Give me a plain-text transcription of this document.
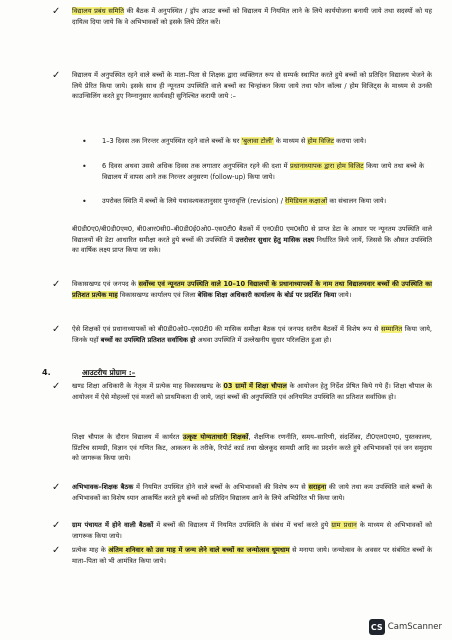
4.	आउटरीच प्रोग्राम :–
CS CamScanner
✓ विद्यालय प्रबंध समिति की बैठक में अनुपस्थित / ड्रॉप आउट बच्चों को विद्यालय में नियमित लाने के लिये कार्ययोजना बनायी जाये तथा सदस्यों को यह दायित्व दिया जाये कि वे अभिभावकों को इसके लिये प्रेरित करें।
✓ विद्यालय में अनुपस्थित रहने वाले बच्चों के माता–पिता से शिक्षक द्वारा व्यक्तिगत रूप से सम्पर्क स्थापित करते हुये बच्चों को प्रतिदिन विद्यालय भेजने के लिये प्रेरित किया जाये। इसके साथ ही न्यूनतम उपस्थिति वाले बच्चों का चिन्हांकन किया जाये तथा फोन कॉल्स / होम विजिट्स के माध्यम से उनकी काउन्सिलिंग करते हुए निम्नानुसार कार्यवाही सुनिश्चित करायी जाये :–
• 1–3 दिवस तक निरन्तर अनुपस्थित रहने वाले बच्चों के घर 'बुलावा टोली' के माध्यम से होम विजिट कराया जाये।
• 6 दिवस अथवा उससे अधिक दिवस तक लगातार अनुपस्थित रहने की दशा में प्रधानाध्यापक द्वारा होम विजिट किया जाये तथा बच्चे के विद्यालय में वापस आने तक निरन्तर अनुसरण (follow-up) किया जाये।
• उपरोक्त स्थिति में बच्चों के लिये यथावश्यकतानुसार पुनरावृत्ति (revision) / रेमिडियल कक्षाओं का संचालन किया जाये।
बी0डी0ए0/बी0डी0एम0, बी0आर0सी0–बी0डी0ई0ओ0–एस0टी0 बैठकों में एन0डी0 एम0सी0 से प्राप्त डेटा के आधार पर न्यूनतम उपस्थिति वाले विद्यालयों की डेटा आधारित समीक्षा करते हुये बच्चों की उपस्थिति में उत्तरोत्तर सुधार हेतु मासिक लक्ष्य निर्धारित किये जायें, जिससे कि औसत उपस्थिति का वार्षिक लक्ष्य प्राप्त किया जा सके।
✓ विकासखण्ड एवं जनपद के सर्वोच्च एवं न्यूनतम उपस्थिति वाले 10–10 विद्यालयों के प्रधानाध्यापकों के नाम तथा विद्यालयवार बच्चों की उपस्थिति का प्रतिशत प्रत्येक माह विकासखण्ड कार्यालय एवं जिला बेसिक शिक्षा अधिकारी कार्यालय के बोर्ड पर प्रदर्शित किया जाये।
✓ ऐसे शिक्षकों एवं प्रधानाध्यापकों को बी0डी0ओ0–एस0टी0 की मासिक समीक्षा बैठक एवं जनपद स्तरीय बैठकों में विशेष रूप से सम्मानित किया जाये, जिनके यहाँ बच्चों का उपस्थिति प्रतिशत सर्वाधिक हो अथवा उपस्थिति में उल्लेखनीय सुधार परिलक्षित हुआ हो।
✓ खण्ड शिक्षा अधिकारी के नेतृत्व में प्रत्येक माह विकासखण्ड के 03 ग्रामों में शिक्षा चौपाल के आयोजन हेतु निर्देश प्रेषित किये गये हैं। शिक्षा चौपाल के आयोजन में ऐसे मोहल्लों एवं मजरों को प्राथमिकता दी जाये, जहां बच्चों की अनुपस्थिति एवं अनियमित उपस्थिति का प्रतिशत सर्वाधिक हो।
शिक्षा चौपाल के दौरान विद्यालय में कार्यरत उत्कृष्ट योग्यताधारी शिक्षकों, शैक्षणिक रणनीति, समय–सारिणी, संदर्शिका, टी0एल0एम0, पुस्तकालय, प्रिंटरिच सामग्री, विज्ञान एवं गणित किट, आकलन के तरीके, रिपोर्ट कार्ड तथा खेलकूद सामग्री आदि का प्रदर्शन करते हुये अभिभावकों एवं जन समुदाय को जागरूक किया जाये।
✓ अभिभावक–शिक्षक बैठक में नियमित उपस्थित होने वाले बच्चों के अभिभावकों की विशेष रूप से सराहना की जाये तथा कम उपस्थिति वाले बच्चों के अभिभावकों का विशेष ध्यान आकर्षित करते हुये बच्चों को प्रतिदिन विद्यालय आने के लिये अभिप्रेरित भी किया जाये।
✓ ग्राम पंचायत में होने वाली बैठकों में बच्चों की विद्यालय में नियमित उपस्थिति के संबंध में चर्चा करते हुये ग्राम प्रधान के माध्यम से अभिभावकों को जागरूक किया जाये।
✓ प्रत्येक माह के अंतिम शनिवार को उस माह में जन्म लेने वाले बच्चों का जन्मोत्सव धूमधाम से मनाया जाये। जन्मोत्सव के अवसर पर संबंधित बच्चों के माता–पिता को भी आमंत्रित किया जाये।
